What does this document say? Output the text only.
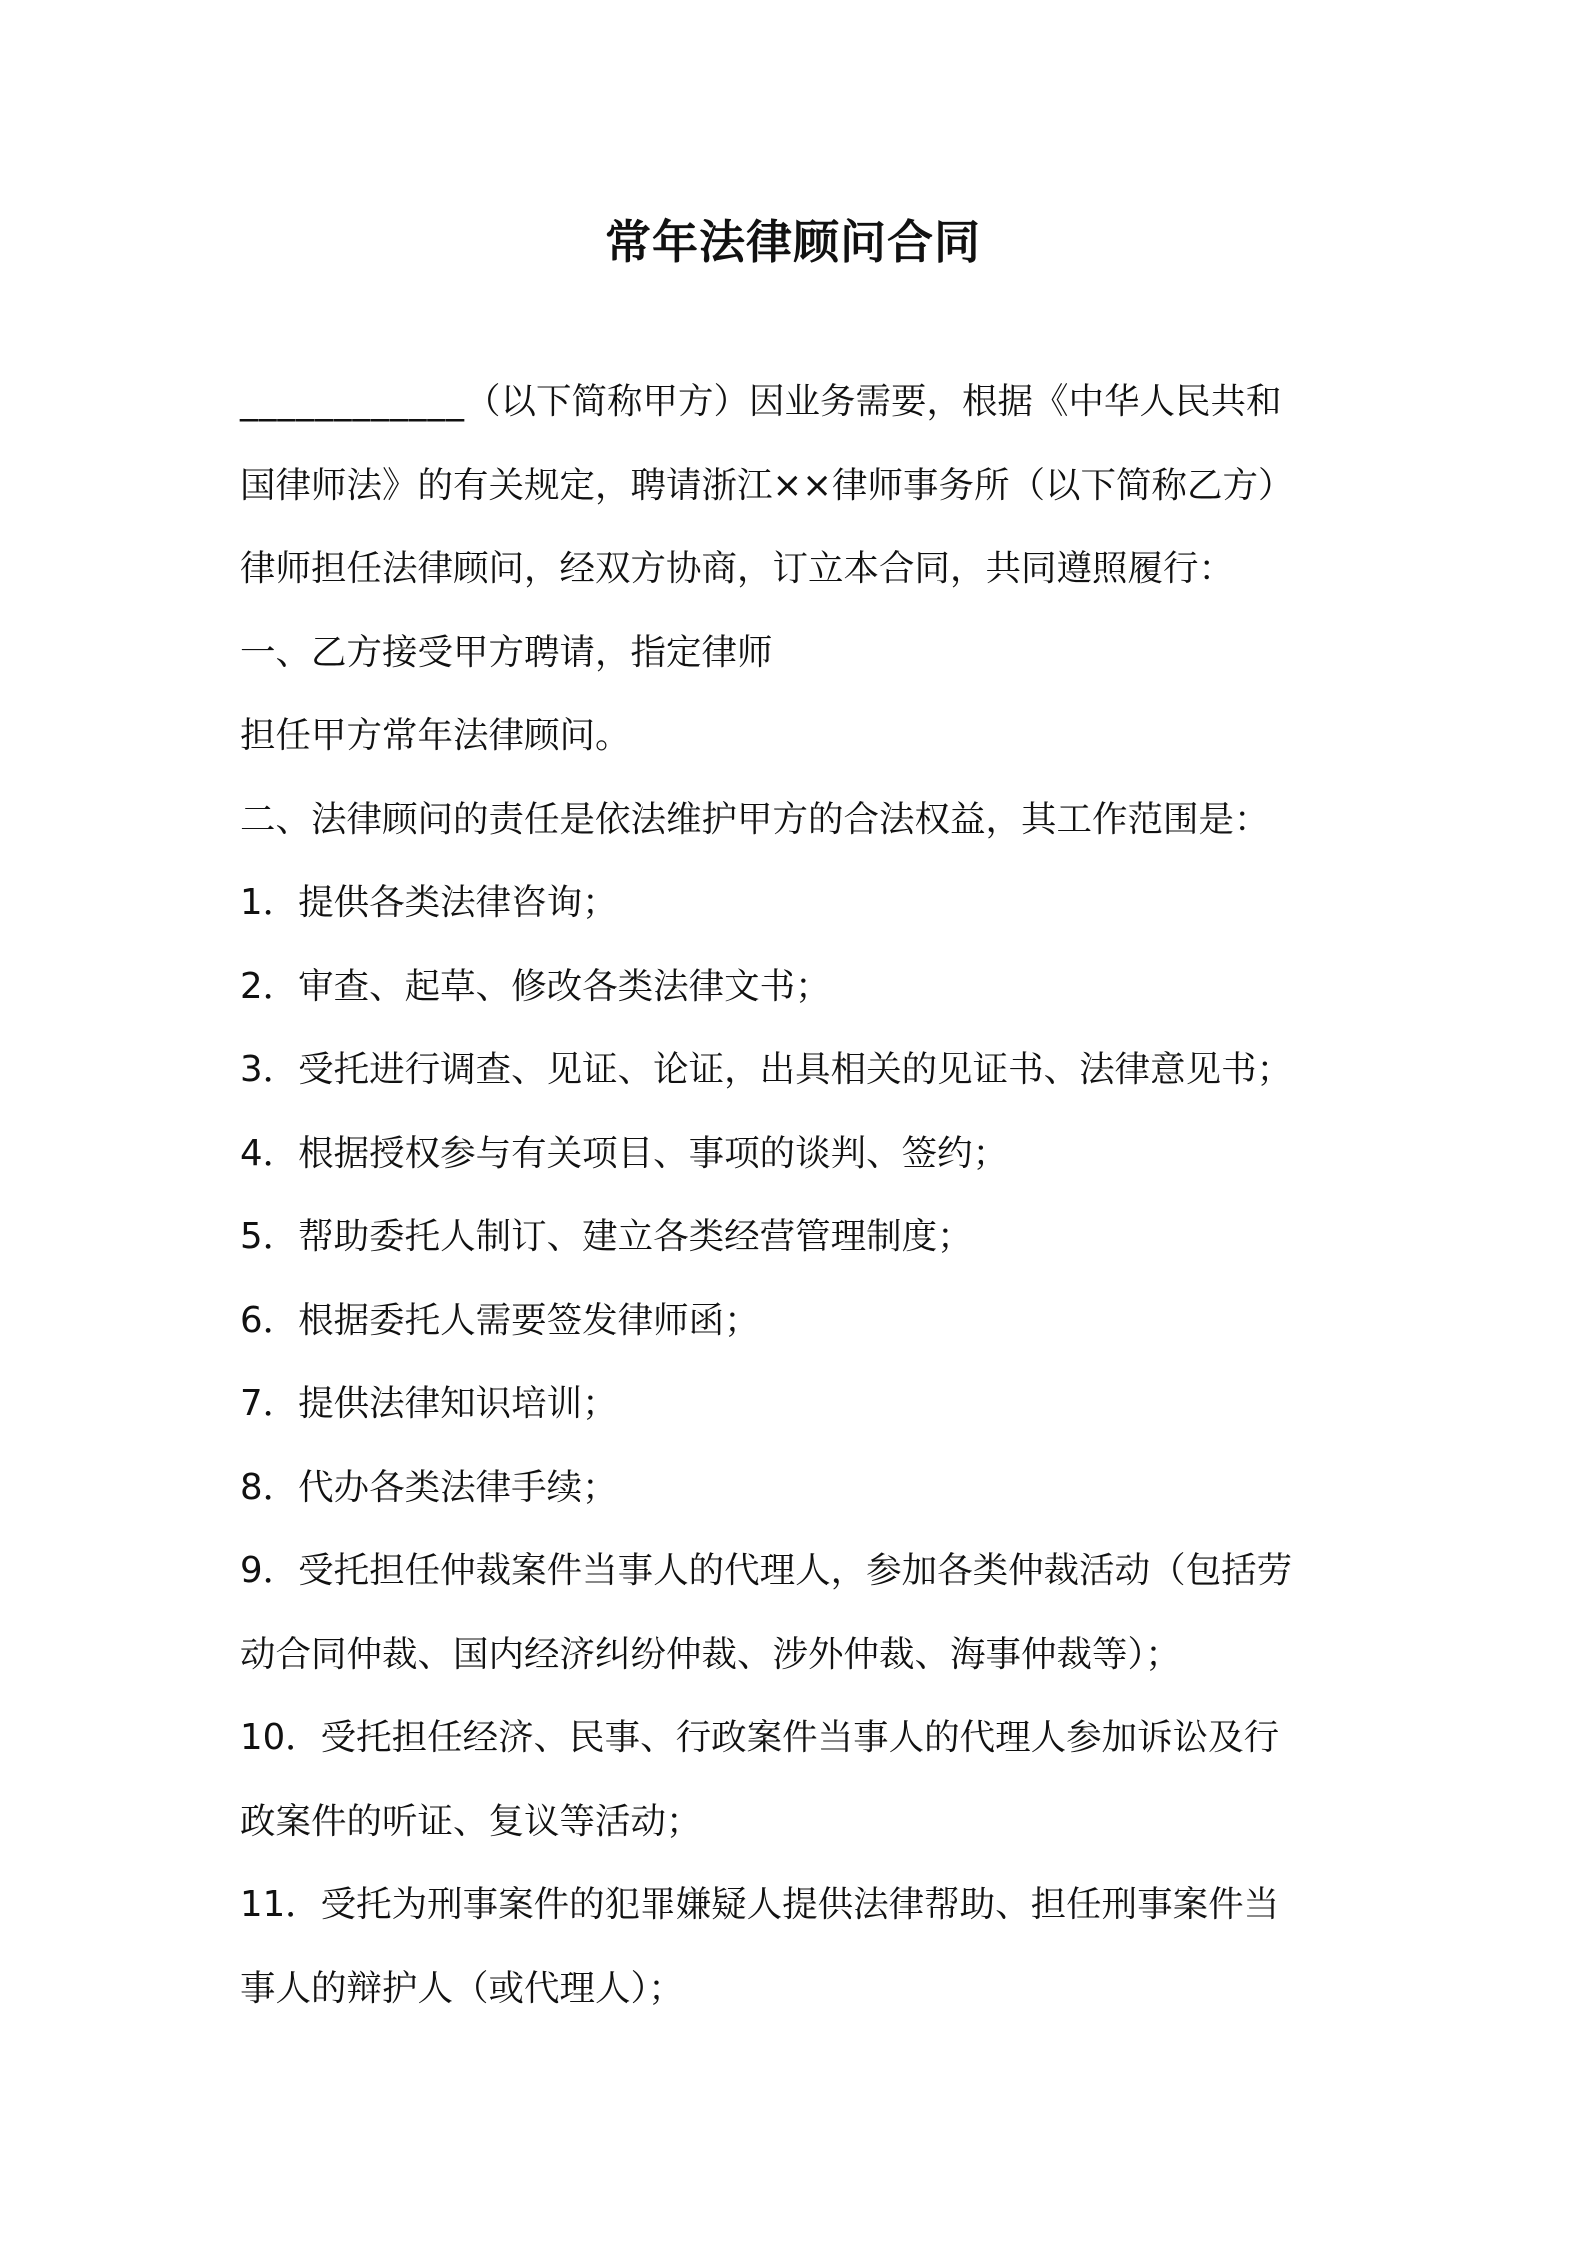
常年法律顾问合同
____________（以下简称甲方）因业务需要，根据《中华人民共和
国律师法》的有关规定，聘请浙江××律师事务所（以下简称乙方）
律师担任法律顾问，经双方协商，订立本合同，共同遵照履行：
一、乙方接受甲方聘请，指定律师
担任甲方常年法律顾问。
二、法律顾问的责任是依法维护甲方的合法权益，其工作范围是：
1．提供各类法律咨询；
2．审查、起草、修改各类法律文书；
3．受托进行调查、见证、论证，出具相关的见证书、法律意见书；
4．根据授权参与有关项目、事项的谈判、签约；
5．帮助委托人制订、建立各类经营管理制度；
6．根据委托人需要签发律师函；
7．提供法律知识培训；
8．代办各类法律手续；
9．受托担任仲裁案件当事人的代理人，参加各类仲裁活动（包括劳
动合同仲裁、国内经济纠纷仲裁、涉外仲裁、海事仲裁等）；
10．受托担任经济、民事、行政案件当事人的代理人参加诉讼及行
政案件的听证、复议等活动；
11．受托为刑事案件的犯罪嫌疑人提供法律帮助、担任刑事案件当
事人的辩护人（或代理人）；
